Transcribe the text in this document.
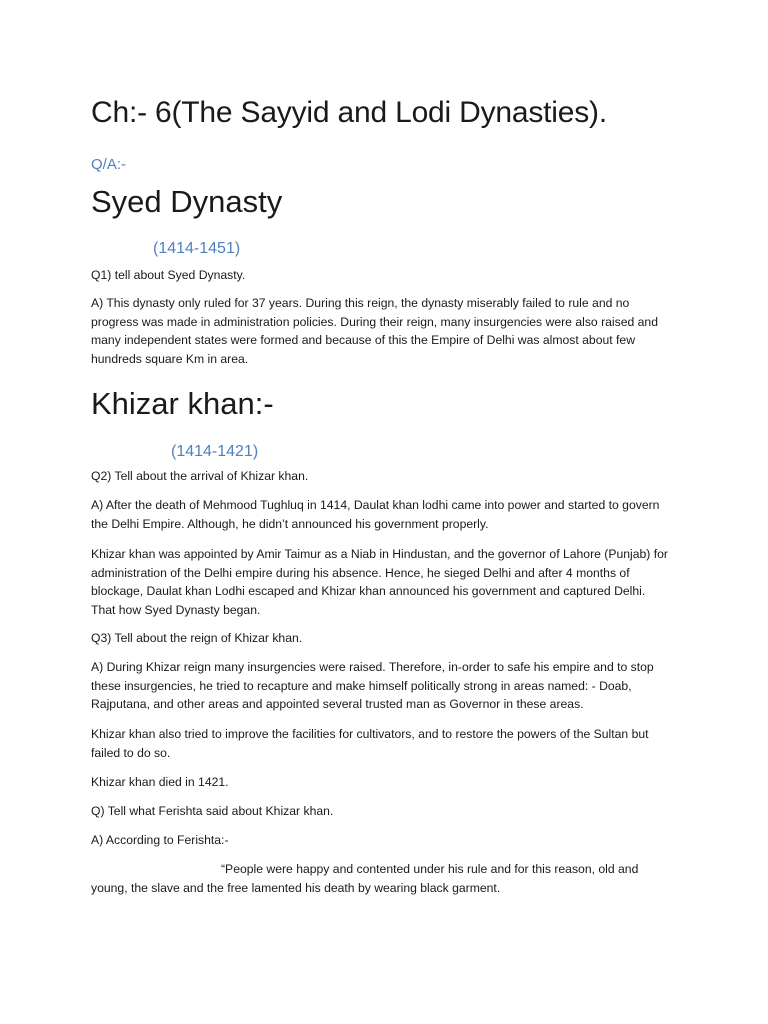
Ch:- 6(The Sayyid and Lodi Dynasties).

Q/A:-

Syed Dynasty

(1414-1451)

Q1) tell about Syed Dynasty.

A) This dynasty only ruled for 37 years. During this reign, the dynasty miserably failed to rule and no progress was made in administration policies. During their reign, many insurgencies were also raised and many independent states were formed and because of this the Empire of Delhi was almost about few hundreds square Km in area.

Khizar khan:-

(1414-1421)

Q2) Tell about the arrival of Khizar khan.

A) After the death of Mehmood Tughluq in 1414, Daulat khan lodhi came into power and started to govern the Delhi Empire. Although, he didn’t announced his government properly.

Khizar khan was appointed by Amir Taimur as a Niab in Hindustan, and the governor of Lahore (Punjab) for administration of the Delhi empire during his absence. Hence, he sieged Delhi and after 4 months of blockage, Daulat khan Lodhi escaped and Khizar khan announced his government and captured Delhi. That how Syed Dynasty began.

Q3) Tell about the reign of Khizar khan.

A) During Khizar reign many insurgencies were raised. Therefore, in-order to safe his empire and to stop these insurgencies, he tried to recapture and make himself politically strong in areas named: - Doab, Rajputana, and other areas and appointed several trusted man as Governor in these areas.

Khizar khan also tried to improve the facilities for cultivators, and to restore the powers of the Sultan but failed to do so.

Khizar khan died in 1421.

Q) Tell what Ferishta said about Khizar khan.

A) According to Ferishta:-

“People were happy and contented under his rule and for this reason, old and young, the slave and the free lamented his death by wearing black garment.
